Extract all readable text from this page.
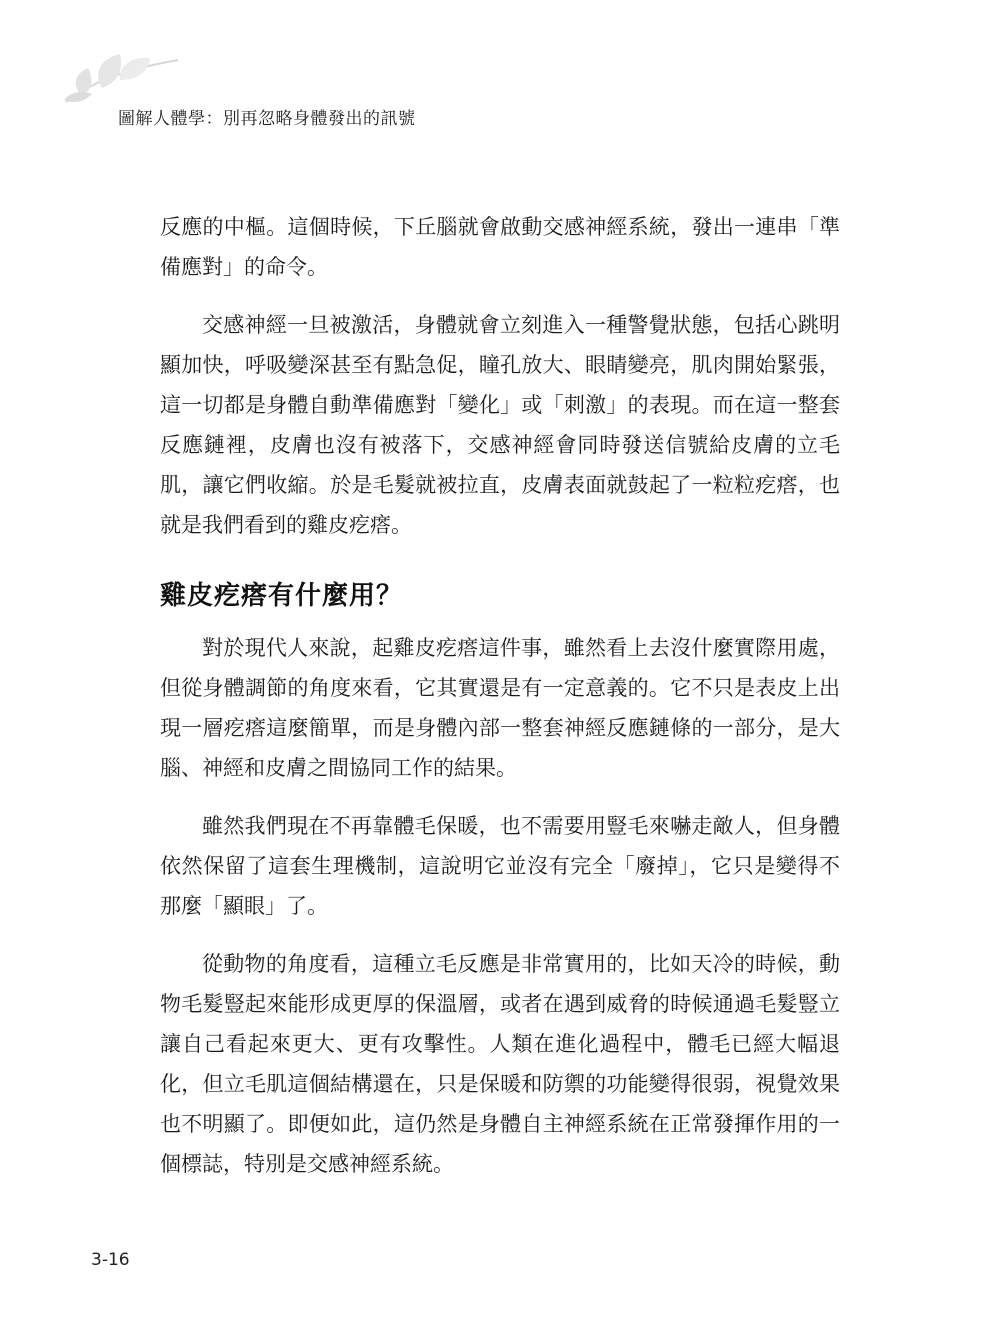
圖解人體學：別再忽略身體發出的訊號

反應的中樞。這個時候，下丘腦就會啟動交感神經系統，發出一連串「準備應對」的命令。

交感神經一旦被激活，身體就會立刻進入一種警覺狀態，包括心跳明顯加快，呼吸變深甚至有點急促，瞳孔放大、眼睛變亮，肌肉開始緊張，這一切都是身體自動準備應對「變化」或「刺激」的表現。而在這一整套反應鏈裡，皮膚也沒有被落下，交感神經會同時發送信號給皮膚的立毛肌，讓它們收縮。於是毛髮就被拉直，皮膚表面就鼓起了一粒粒疙瘩，也就是我們看到的雞皮疙瘩。

雞皮疙瘩有什麼用？

對於現代人來說，起雞皮疙瘩這件事，雖然看上去沒什麼實際用處，但從身體調節的角度來看，它其實還是有一定意義的。它不只是表皮上出現一層疙瘩這麼簡單，而是身體內部一整套神經反應鏈條的一部分，是大腦、神經和皮膚之間協同工作的結果。

雖然我們現在不再靠體毛保暖，也不需要用豎毛來嚇走敵人，但身體依然保留了這套生理機制，這說明它並沒有完全「廢掉」，它只是變得不那麼「顯眼」了。

從動物的角度看，這種立毛反應是非常實用的，比如天冷的時候，動物毛髮豎起來能形成更厚的保溫層，或者在遇到威脅的時候通過毛髮豎立讓自己看起來更大、更有攻擊性。人類在進化過程中，體毛已經大幅退化，但立毛肌這個結構還在，只是保暖和防禦的功能變得很弱，視覺效果也不明顯了。即便如此，這仍然是身體自主神經系統在正常發揮作用的一個標誌，特別是交感神經系統。

3-16
